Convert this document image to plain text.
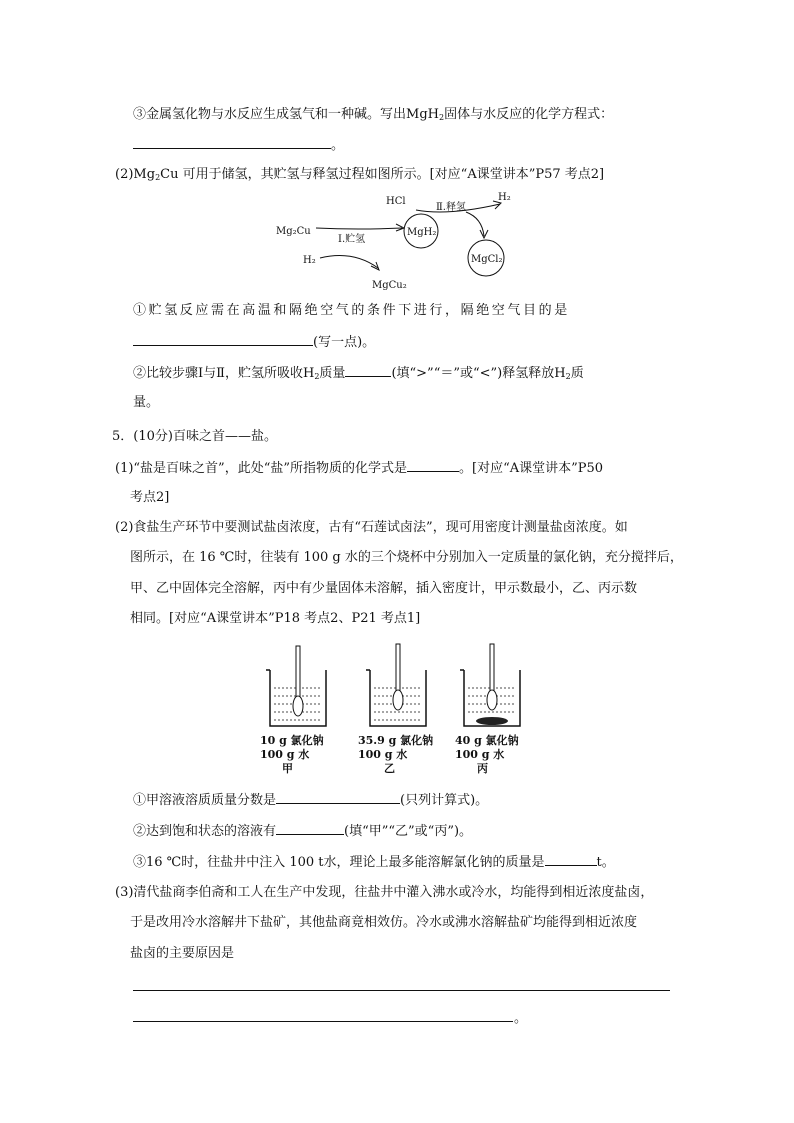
③金属氢化物与水反应生成氢气和一种碱。写出MgH$_2$固体与水反应的化学方程式：
。
$(2)Mg_2Cu$ 可用于储氢，其贮氢与释氢过程如图所示。[对应“A课堂讲本”P57 考点2]
Mg₂Cu
H₂
Ⅰ.贮氢
MgCu₂
MgH₂
HCl
Ⅱ.释氢
H₂
MgCl₂
①贮氢反应需在高温和隔绝空气的条件下进行，隔绝空气目的是
(写一点)。
②比较步骤Ⅰ与Ⅱ，贮氢所吸收$H_2$质量	(填“>”“＝”或“<”)释氢释放$H_2$质
量。
5．(10分)百味之首——盐。
(1)“盐是百味之首”，此处“盐”所指物质的化学式是	。[对应“A课堂讲本”P50
考点2]
(2)食盐生产环节中要测试盐卤浓度，古有“石莲试卤法”，现可用密度计测量盐卤浓度。如
图所示，在 16 ℃时，往装有 100 g 水的三个烧杯中分别加入一定质量的氯化钠，充分搅拌后，
甲、乙中固体完全溶解，丙中有少量固体未溶解，插入密度计，甲示数最小，乙、丙示数
相同。[对应“A课堂讲本”P18 考点2、P21 考点1]
10 g 氯化钠
100 g 水
甲
35.9 g 氯化钠
100 g 水
乙
40 g 氯化钠
100 g 水
丙
①甲溶液溶质质量分数是	(只列计算式)。
②达到饱和状态的溶液有	(填“甲”“乙”或“丙”)。
③16 ℃时，往盐井中注入 100 t水，理论上最多能溶解氯化钠的质量是	t。
(3)清代盐商李伯斋和工人在生产中发现，往盐井中灌入沸水或冷水，均能得到相近浓度盐卤，
于是改用冷水溶解井下盐矿，其他盐商竟相效仿。冷水或沸水溶解盐矿均能得到相近浓度
盐卤的主要原因是
。
